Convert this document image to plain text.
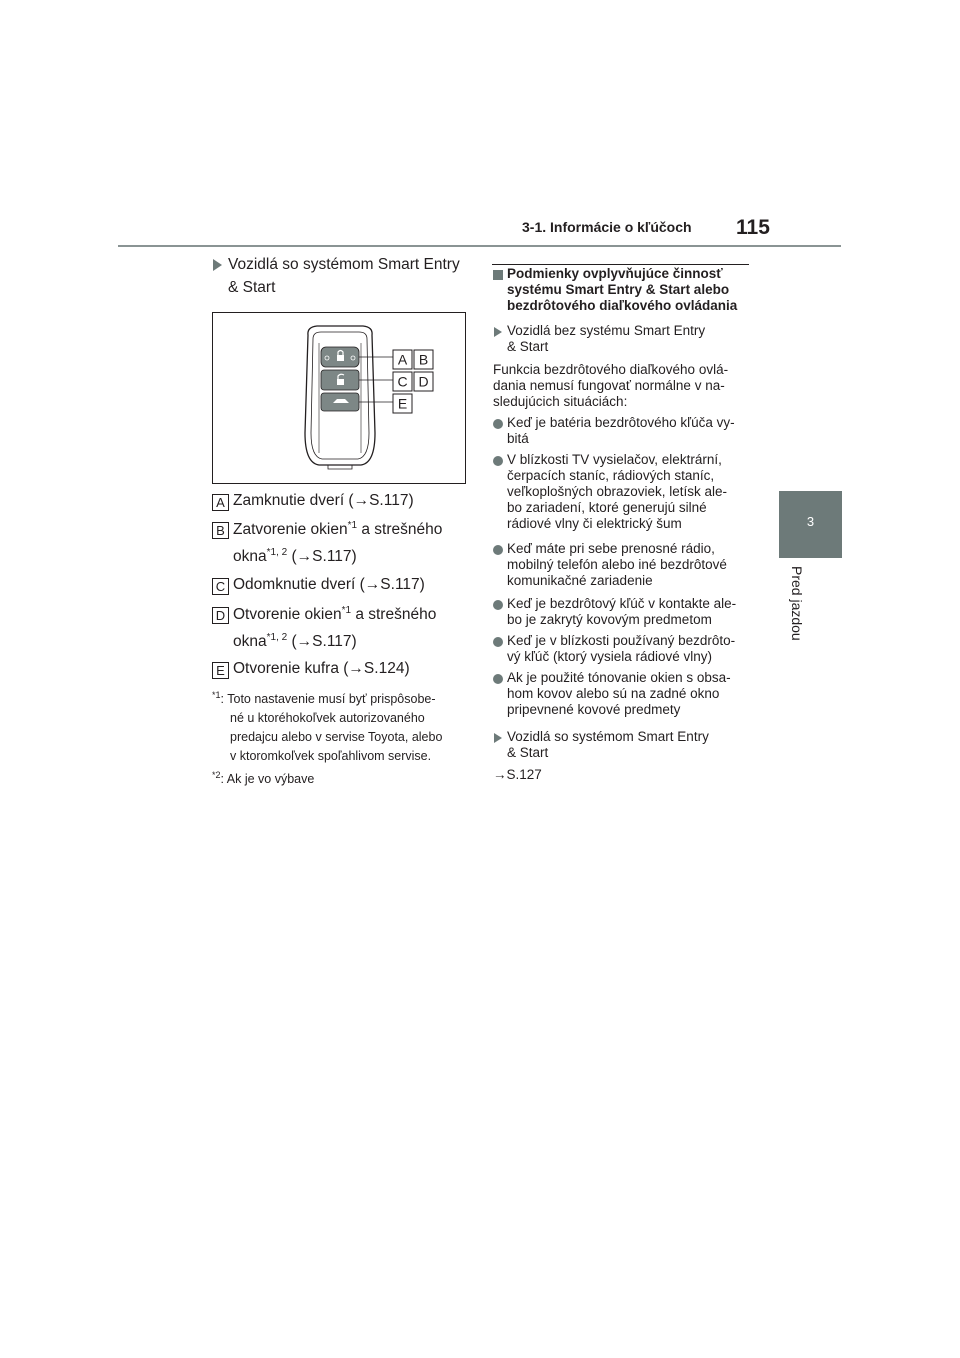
3-1. Informácie o kľúčoch 115
3
Pred jazdou
Vozidlá so systémom Smart Entry
& Start
A B
C D
E
A Zamknutie dverí (→S.117)
B Zatvorenie okien$^{*1}$ a strešného
okna$^{*1, 2}$ (→S.117)
C Odomknutie dverí (→S.117)
D Otvorenie okien$^{*1}$ a strešného
okna$^{*1, 2}$ (→S.117)
E Otvorenie kufra (→S.124)
$^{*1}$: Toto nastavenie musí byť prispôsobe-
né u ktoréhokoľvek autorizovaného
predajcu alebo v servise Toyota, alebo
v ktoromkoľvek spoľahlivom servise.
$^{*2}$: Ak je vo výbave
Podmienky ovplyvňujúce činnosť
systému Smart Entry & Start alebo
bezdrôtového diaľkového ovládania
Vozidlá bez systému Smart Entry
& Start
Funkcia bezdrôtového diaľkového ovlá-
dania nemusí fungovať normálne v na-
sledujúcich situáciách:
Keď je batéria bezdrôtového kľúča vy-
bitá
V blízkosti TV vysielačov, elektrární,
čerpacích staníc, rádiových staníc,
veľkoplošných obrazoviek, letísk ale-
bo zariadení, ktoré generujú silné
rádiové vlny či elektrický šum
Keď máte pri sebe prenosné rádio,
mobilný telefón alebo iné bezdrôtové
komunikačné zariadenie
Keď je bezdrôtový kľúč v kontakte ale-
bo je zakrytý kovovým predmetom
Keď je v blízkosti používaný bezdrôto-
vý kľúč (ktorý vysiela rádiové vlny)
Ak je použité tónovanie okien s obsa-
hom kovov alebo sú na zadné okno
pripevnené kovové predmety
Vozidlá so systémom Smart Entry
& Start
→S.127
